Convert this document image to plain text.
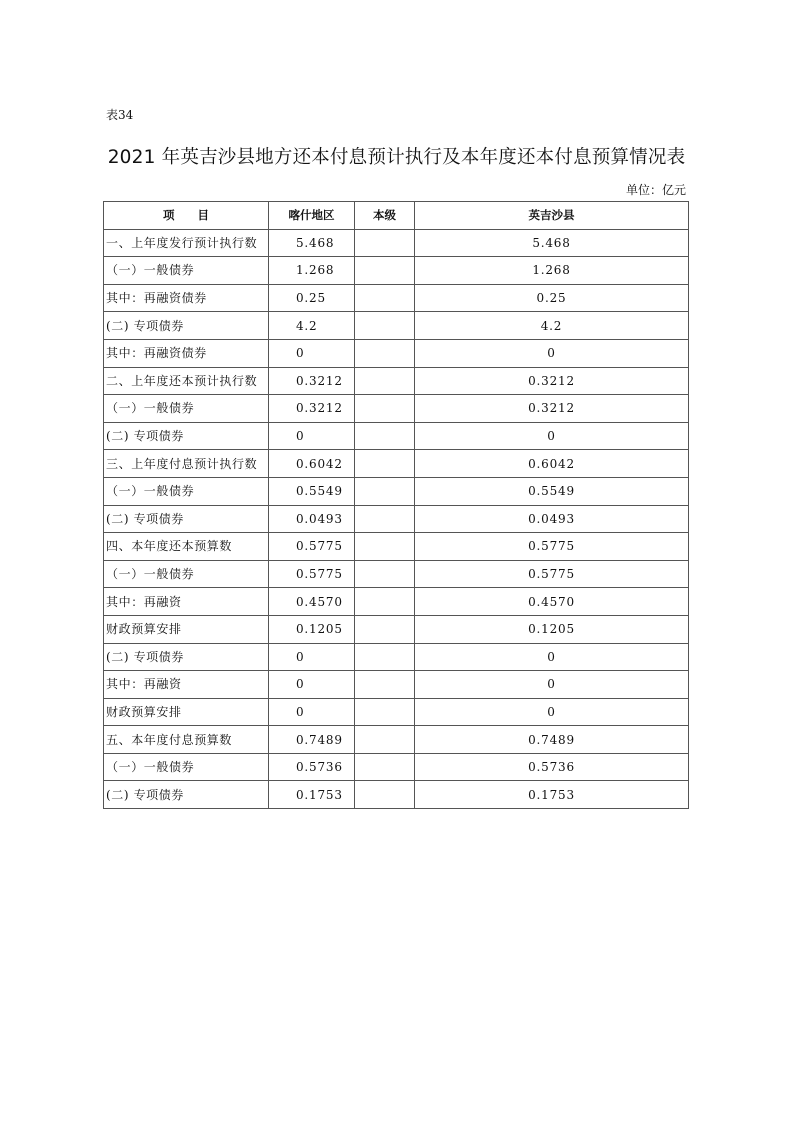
表34
2021 年英吉沙县地方还本付息预计执行及本年度还本付息预算情况表
单位：亿元
项　　目	喀什地区	本级	英吉沙县
一、上年度发行预计执行数	5.468		5.468
（一）一般债券	1.268		1.268
其中：再融资债券	0.25		0.25
(二) 专项债券	4.2		4.2
其中：再融资债券	0		0
二、上年度还本预计执行数	0.3212		0.3212
（一）一般债券	0.3212		0.3212
(二) 专项债券	0		0
三、上年度付息预计执行数	0.6042		0.6042
（一）一般债券	0.5549		0.5549
(二) 专项债券	0.0493		0.0493
四、本年度还本预算数	0.5775		0.5775
（一）一般债券	0.5775		0.5775
其中：再融资	0.4570		0.4570
财政预算安排	0.1205		0.1205
(二) 专项债券	0		0
其中：再融资	0		0
财政预算安排	0		0
五、本年度付息预算数	0.7489		0.7489
（一）一般债券	0.5736		0.5736
(二) 专项债券	0.1753		0.1753
